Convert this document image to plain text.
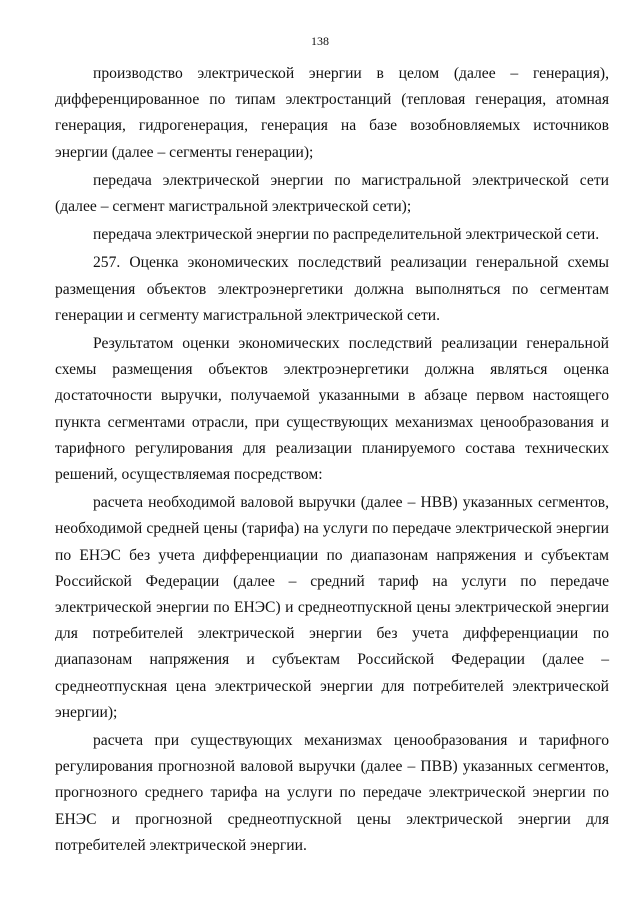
138

производство электрической энергии в целом (далее – генерация), дифференцированное по типам электростанций (тепловая генерация, атомная генерация, гидрогенерация, генерация на базе возобновляемых источников энергии (далее – сегменты генерации);

передача электрической энергии по магистральной электрической сети (далее – сегмент магистральной электрической сети);

передача электрической энергии по распределительной электрической сети.

257. Оценка экономических последствий реализации генеральной схемы размещения объектов электроэнергетики должна выполняться по сегментам генерации и сегменту магистральной электрической сети.

Результатом оценки экономических последствий реализации генеральной схемы размещения объектов электроэнергетики должна являться оценка достаточности выручки, получаемой указанными в абзаце первом настоящего пункта сегментами отрасли, при существующих механизмах ценообразования и тарифного регулирования для реализации планируемого состава технических решений, осуществляемая посредством:

расчета необходимой валовой выручки (далее – НВВ) указанных сегментов, необходимой средней цены (тарифа) на услуги по передаче электрической энергии по ЕНЭС без учета дифференциации по диапазонам напряжения и субъектам Российской Федерации (далее – средний тариф на услуги по передаче электрической энергии по ЕНЭС) и среднеотпускной цены электрической энергии для потребителей электрической энергии без учета дифференциации по диапазонам напряжения и субъектам Российской Федерации (далее – среднеотпускная цена электрической энергии для потребителей электрической энергии);

расчета при существующих механизмах ценообразования и тарифного регулирования прогнозной валовой выручки (далее – ПВВ) указанных сегментов, прогнозного среднего тарифа на услуги по передаче электрической энергии по ЕНЭС и прогнозной среднеотпускной цены электрической энергии для потребителей электрической энергии.
